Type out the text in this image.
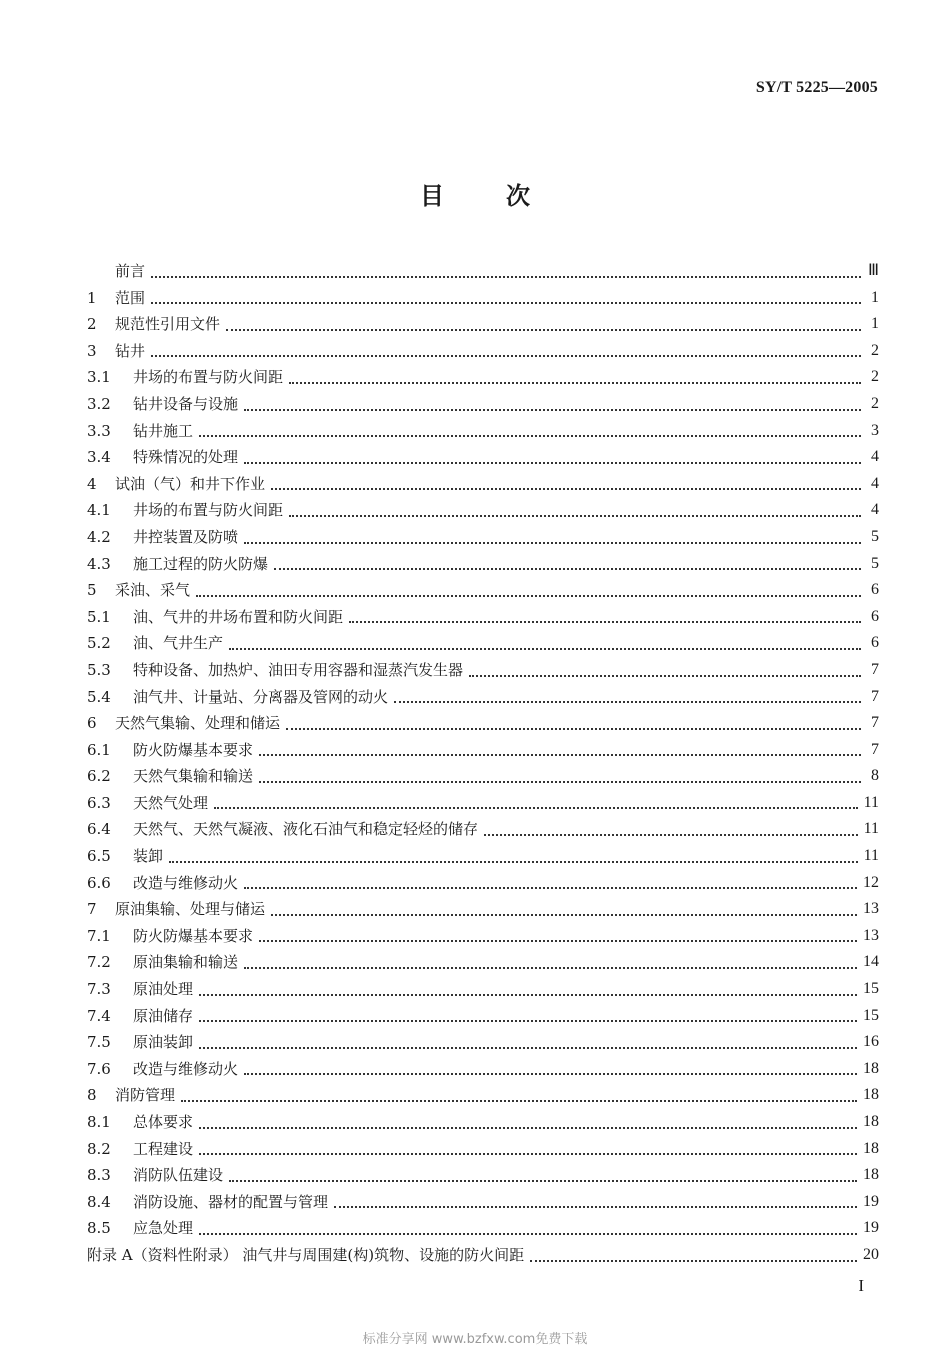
SY/T 5225—2005
目	次
前言	Ⅲ
1	范围	1
2	规范性引用文件	1
3	钻井	2
3.1	井场的布置与防火间距	2
3.2	钻井设备与设施	2
3.3	钻井施工	3
3.4	特殊情况的处理	4
4	试油（气）和井下作业	4
4.1	井场的布置与防火间距	4
4.2	井控装置及防喷	5
4.3	施工过程的防火防爆	5
5	采油、采气	6
5.1	油、气井的井场布置和防火间距	6
5.2	油、气井生产	6
5.3	特种设备、加热炉、油田专用容器和湿蒸汽发生器	7
5.4	油气井、计量站、分离器及管网的动火	7
6	天然气集输、处理和储运	7
6.1	防火防爆基本要求	7
6.2	天然气集输和输送	8
6.3	天然气处理	11
6.4	天然气、天然气凝液、液化石油气和稳定轻烃的储存	11
6.5	装卸	11
6.6	改造与维修动火	12
7	原油集输、处理与储运	13
7.1	防火防爆基本要求	13
7.2	原油集输和输送	14
7.3	原油处理	15
7.4	原油储存	15
7.5	原油装卸	16
7.6	改造与维修动火	18
8	消防管理	18
8.1	总体要求	18
8.2	工程建设	18
8.3	消防队伍建设	18
8.4	消防设施、器材的配置与管理	19
8.5	应急处理	19
附录 A（资料性附录） 油气井与周围建(构)筑物、设施的防火间距	20
I
标准分享网 www.bzfxw.com免费下载
